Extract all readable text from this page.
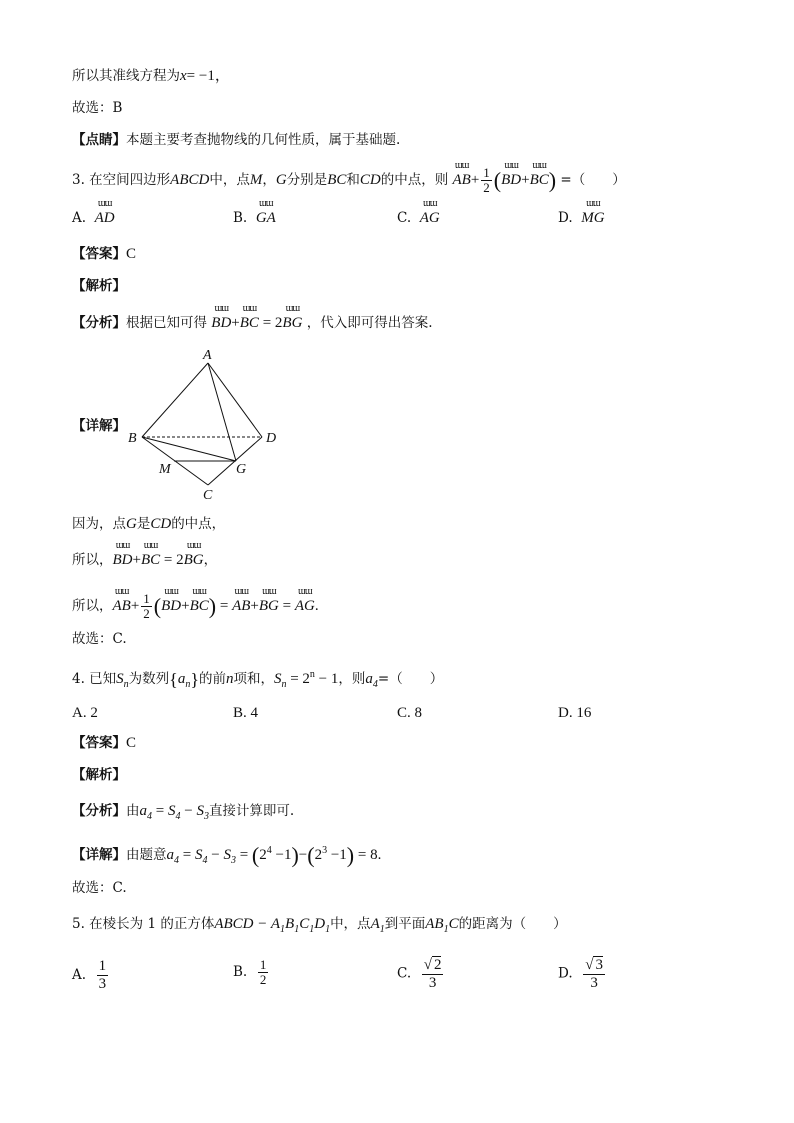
所以其准线方程为x= −1，
故选：B
【点睛】本题主要考查抛物线的几何性质，属于基础题.
3. 在空间四边形ABCD中，点M，G分别是BC和CD的中点，则 ɯɯ $AB+ \frac{1}{2}$ (ɯɯ BD+ɯɯ BC) =（　　）
A. ɯɯ AD	B. ɯɯ GA	C. ɯɯ AG	D. ɯɯ MG
【答案】C
【解析】
【分析】根据已知可得 ɯɯ BD+ɯɯ BC = 2ɯɯ BG ，代入即可得出答案.
【详解】
A
B	D
M	G
C
因为，点G是CD的中点，
所以，ɯɯ BD+ɯɯ BC = 2ɯɯ BG，
所以，ɯɯ $AB+ \frac{1}{2}$ (ɯɯ BD+ɯɯ BC) = ɯɯ AB+ɯɯ BG = ɯɯ AG.
故选：C.
4. 已知$S_n$为数列$\{a_n\}$的前n项和，$S_n = 2^n - 1$，则$a_4=$（　　）
A. 2	B. 4	C. 8	D. 16
【答案】C
【解析】
【分析】由$a_4 = S_4 - S_3$直接计算即可.
【详解】由题意$a_4 = S_4 - S_3 = (2^4 -1)-(2^3 -1) = 8$.
故选：C.
5. 在棱长为 1 的正方体ABCD − $A_1B_1C_1D_1$中，点$A_1$到平面$AB_1C$的距离为（　　）
A. $\frac{1}{3}$	B. $\frac{1}{2}$	C. $\frac{√ 2}{3}$	D. $\frac{√ 3}{3}$
